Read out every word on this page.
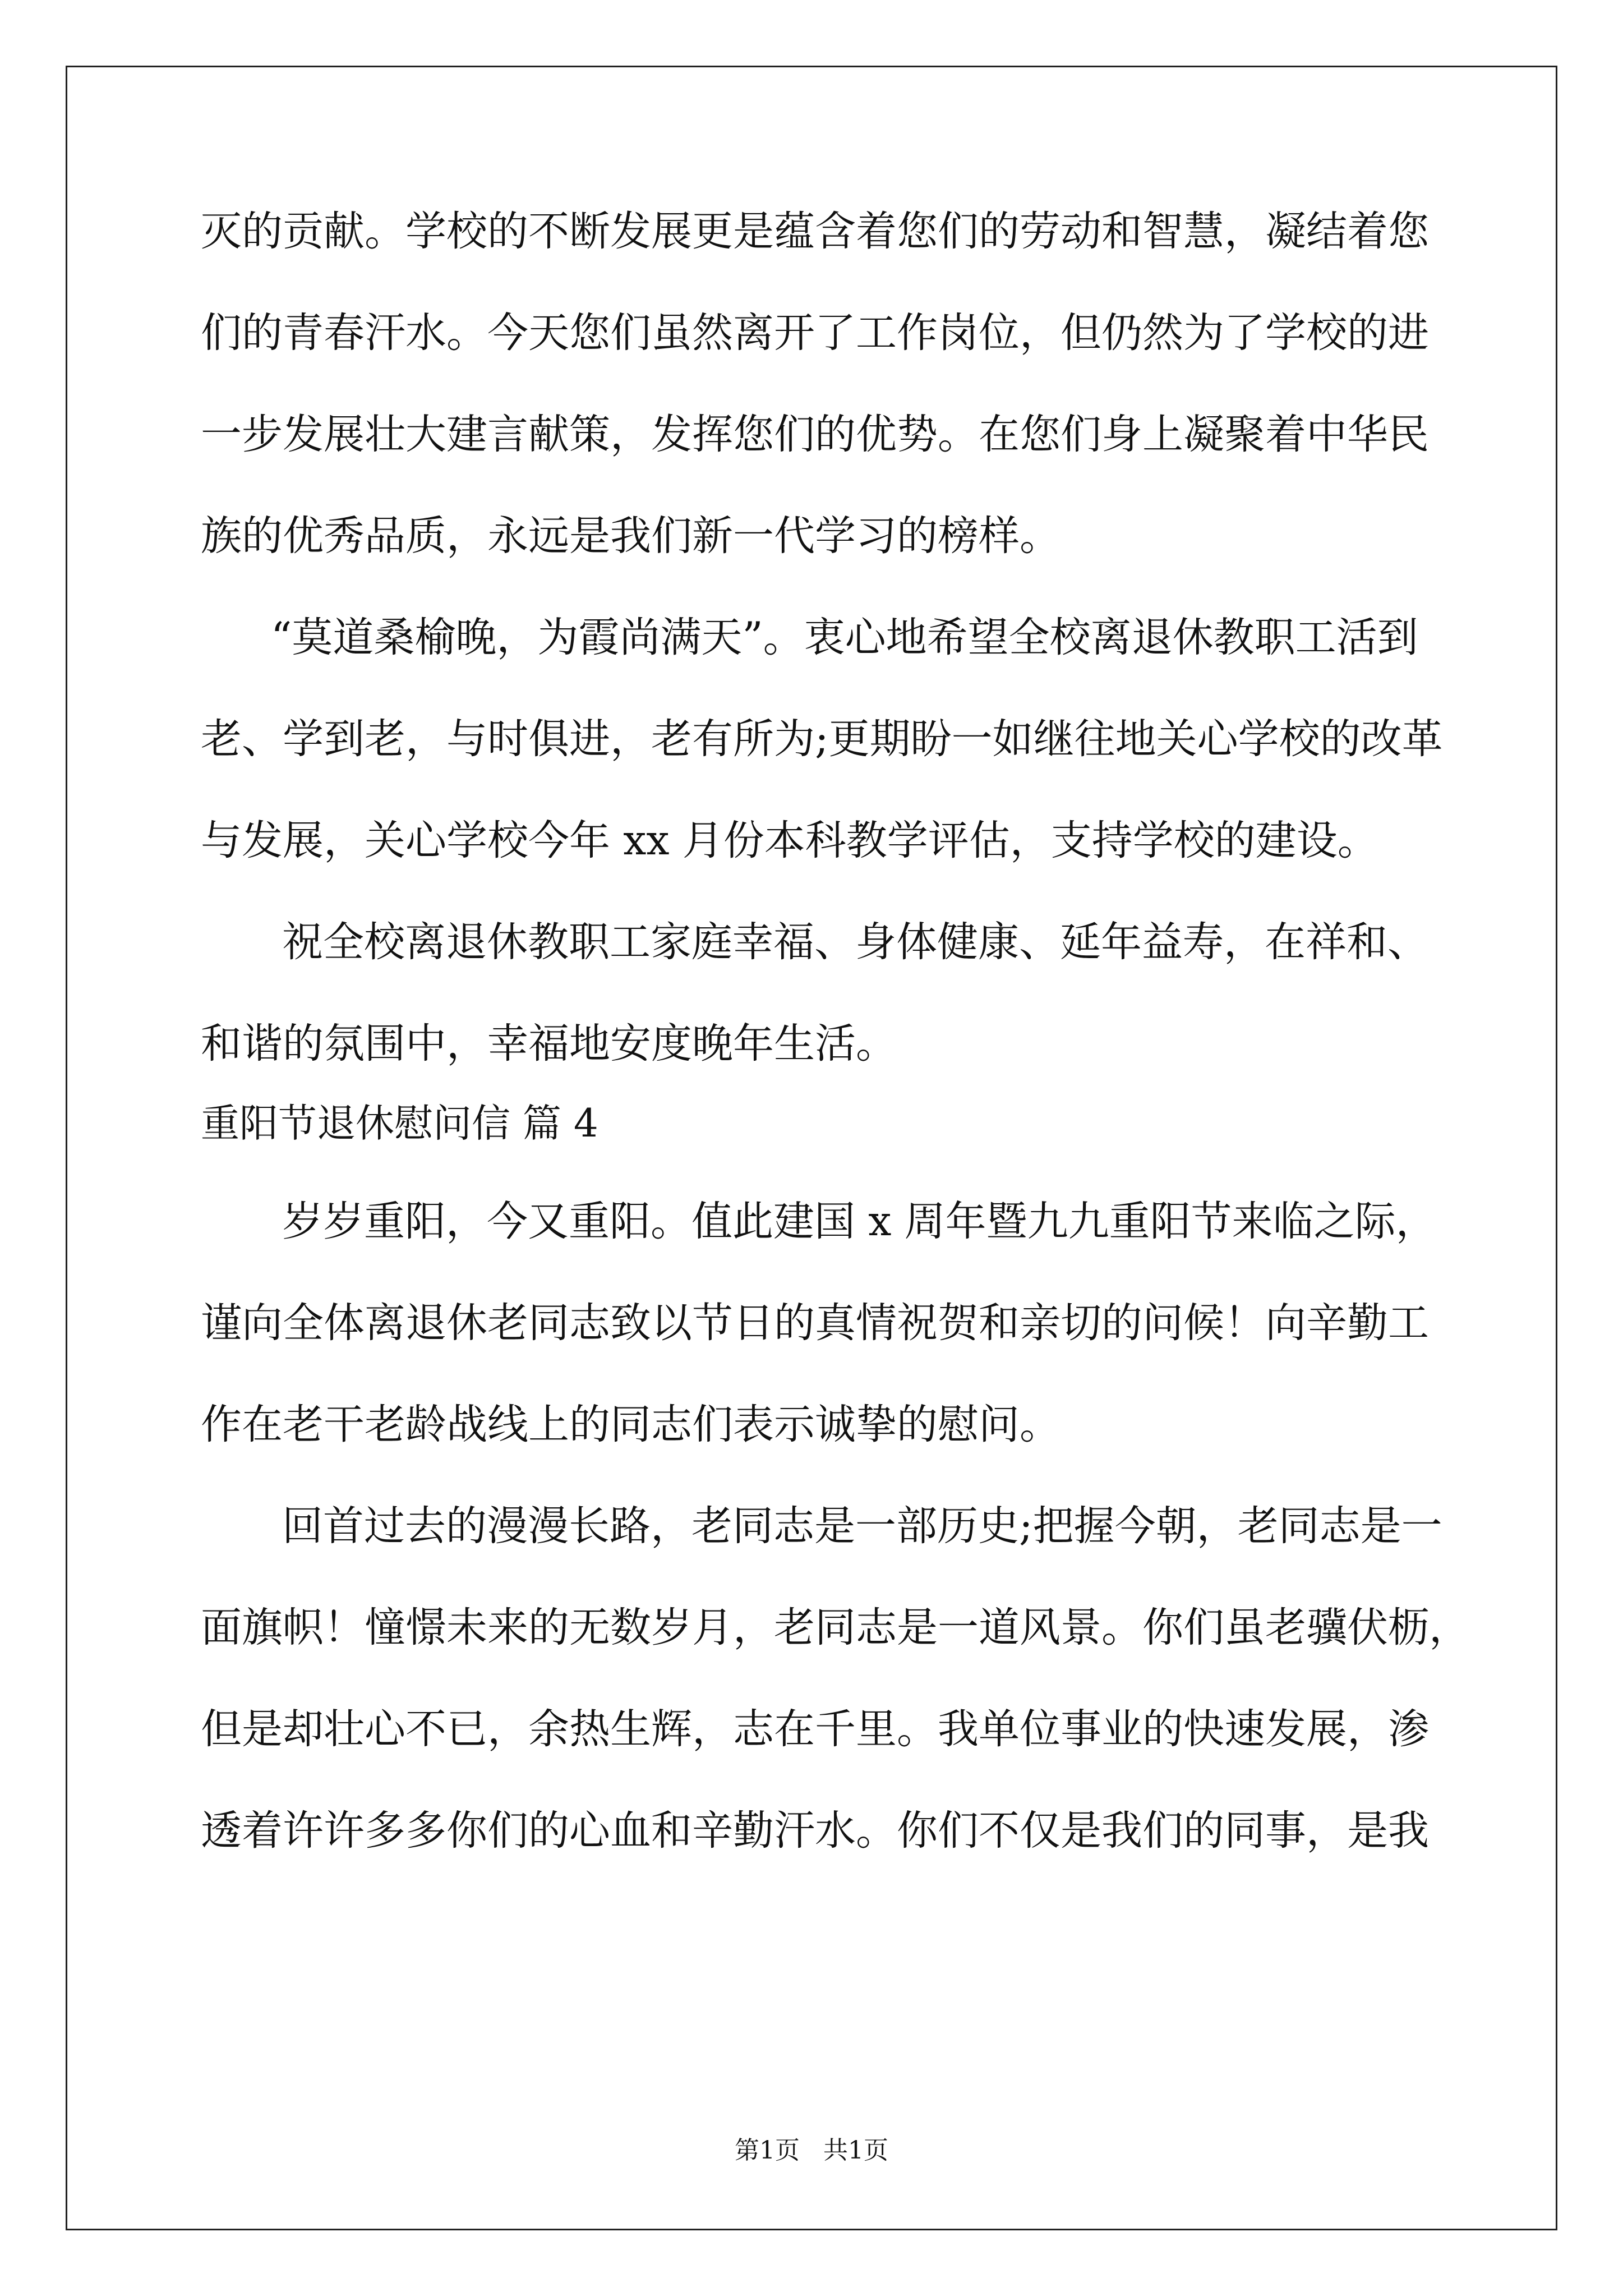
灭的贡献。学校的不断发展更是蕴含着您们的劳动和智慧，凝结着您
们的青春汗水。今天您们虽然离开了工作岗位，但仍然为了学校的进
一步发展壮大建言献策，发挥您们的优势。在您们身上凝聚着中华民
族的优秀品质，永远是我们新一代学习的榜样。
“莫道桑榆晚，为霞尚满天”。衷心地希望全校离退休教职工活到
老、学到老，与时俱进，老有所为;更期盼一如继往地关心学校的改革
与发展，关心学校今年 xx 月份本科教学评估，支持学校的建设。
祝全校离退休教职工家庭幸福、身体健康、延年益寿，在祥和、
和谐的氛围中，幸福地安度晚年生活。
重阳节退休慰问信 篇 4
岁岁重阳，今又重阳。值此建国 x 周年暨九九重阳节来临之际，
谨向全体离退休老同志致以节日的真情祝贺和亲切的问候！向辛勤工
作在老干老龄战线上的同志们表示诚挚的慰问。
回首过去的漫漫长路，老同志是一部历史;把握今朝，老同志是一
面旗帜！憧憬未来的无数岁月，老同志是一道风景。你们虽老骥伏枥，
但是却壮心不已，余热生辉，志在千里。我单位事业的快速发展，渗
透着许许多多你们的心血和辛勤汗水。你们不仅是我们的同事，是我
第1页   共1页
